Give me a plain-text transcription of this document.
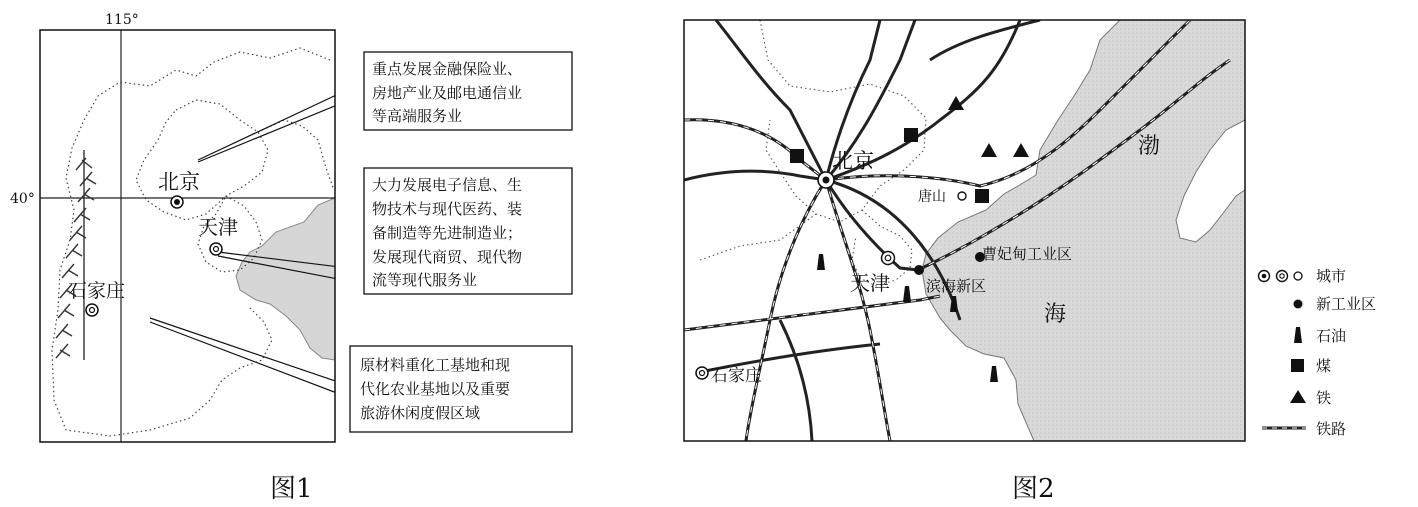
115°
40°
北京
天津
石家庄
重点发展金融保险业、 房地产业及邮电通信业 等高端服务业
大力发展电子信息、生 物技术与现代医药、装 备制造等先进制造业； 发展现代商贸、现代物 流等现代服务业
原材料重化工基地和现 代化农业基地以及重要 旅游休闲度假区域
图1
北京
天津
唐山
滨海新区
曹妃甸工业区
石家庄
渤
海
城市
新工业区
石油
煤
铁
铁路
图2
